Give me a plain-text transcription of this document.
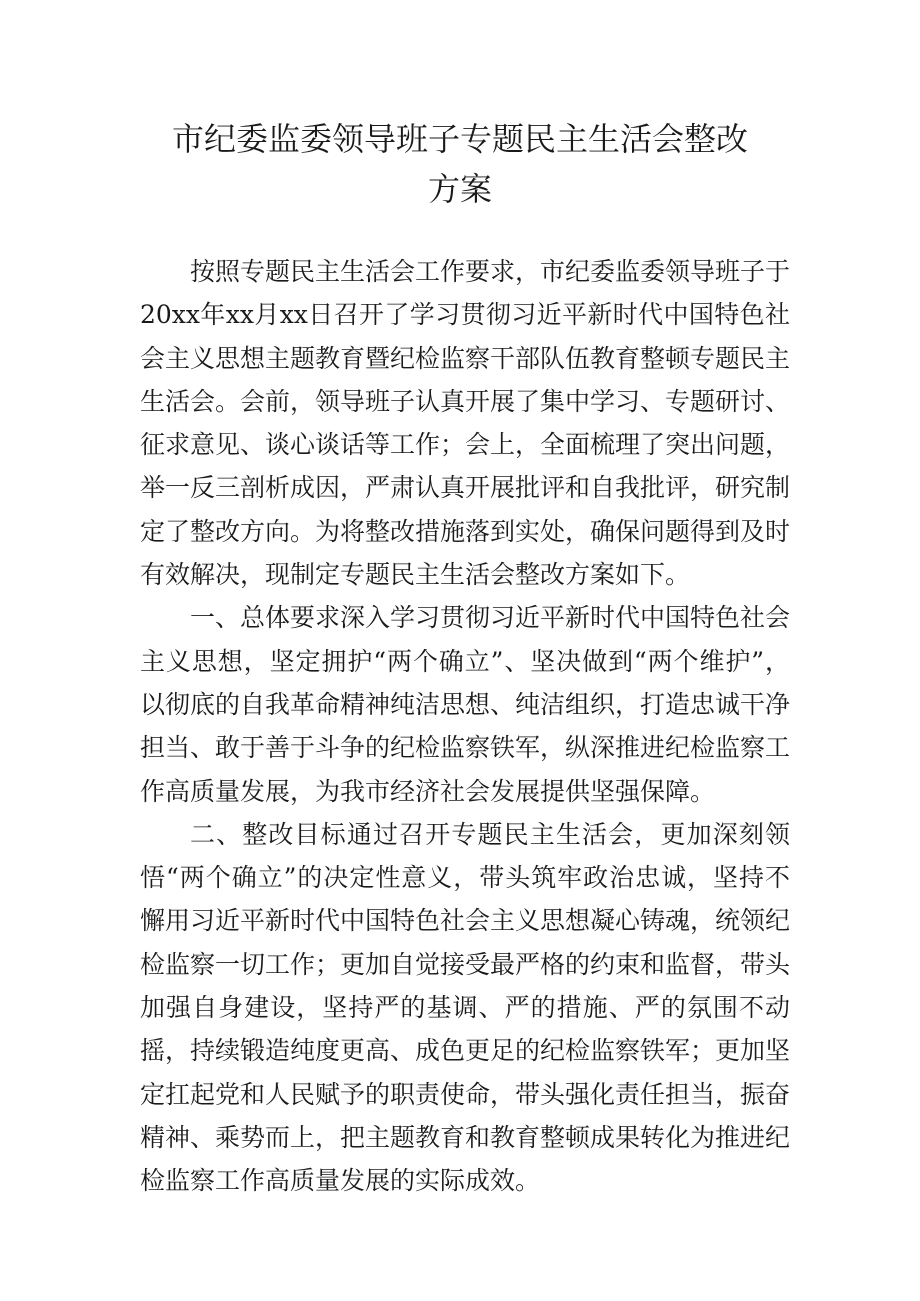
市纪委监委领导班子专题民主生活会整改
方案

按照专题民主生活会工作要求，市纪委监委领导班子于20xx年xx月xx日召开了学习贯彻习近平新时代中国特色社会主义思想主题教育暨纪检监察干部队伍教育整顿专题民主生活会。会前，领导班子认真开展了集中学习、专题研讨、征求意见、谈心谈话等工作；会上，全面梳理了突出问题，举一反三剖析成因，严肃认真开展批评和自我批评，研究制定了整改方向。为将整改措施落到实处，确保问题得到及时有效解决，现制定专题民主生活会整改方案如下。

一、总体要求深入学习贯彻习近平新时代中国特色社会主义思想，坚定拥护“两个确立”、坚决做到“两个维护”，以彻底的自我革命精神纯洁思想、纯洁组织，打造忠诚干净担当、敢于善于斗争的纪检监察铁军，纵深推进纪检监察工作高质量发展，为我市经济社会发展提供坚强保障。

二、整改目标通过召开专题民主生活会，更加深刻领悟“两个确立”的决定性意义，带头筑牢政治忠诚，坚持不懈用习近平新时代中国特色社会主义思想凝心铸魂，统领纪检监察一切工作；更加自觉接受最严格的约束和监督，带头加强自身建设，坚持严的基调、严的措施、严的氛围不动摇，持续锻造纯度更高、成色更足的纪检监察铁军；更加坚定扛起党和人民赋予的职责使命，带头强化责任担当，振奋精神、乘势而上，把主题教育和教育整顿成果转化为推进纪检监察工作高质量发展的实际成效。
